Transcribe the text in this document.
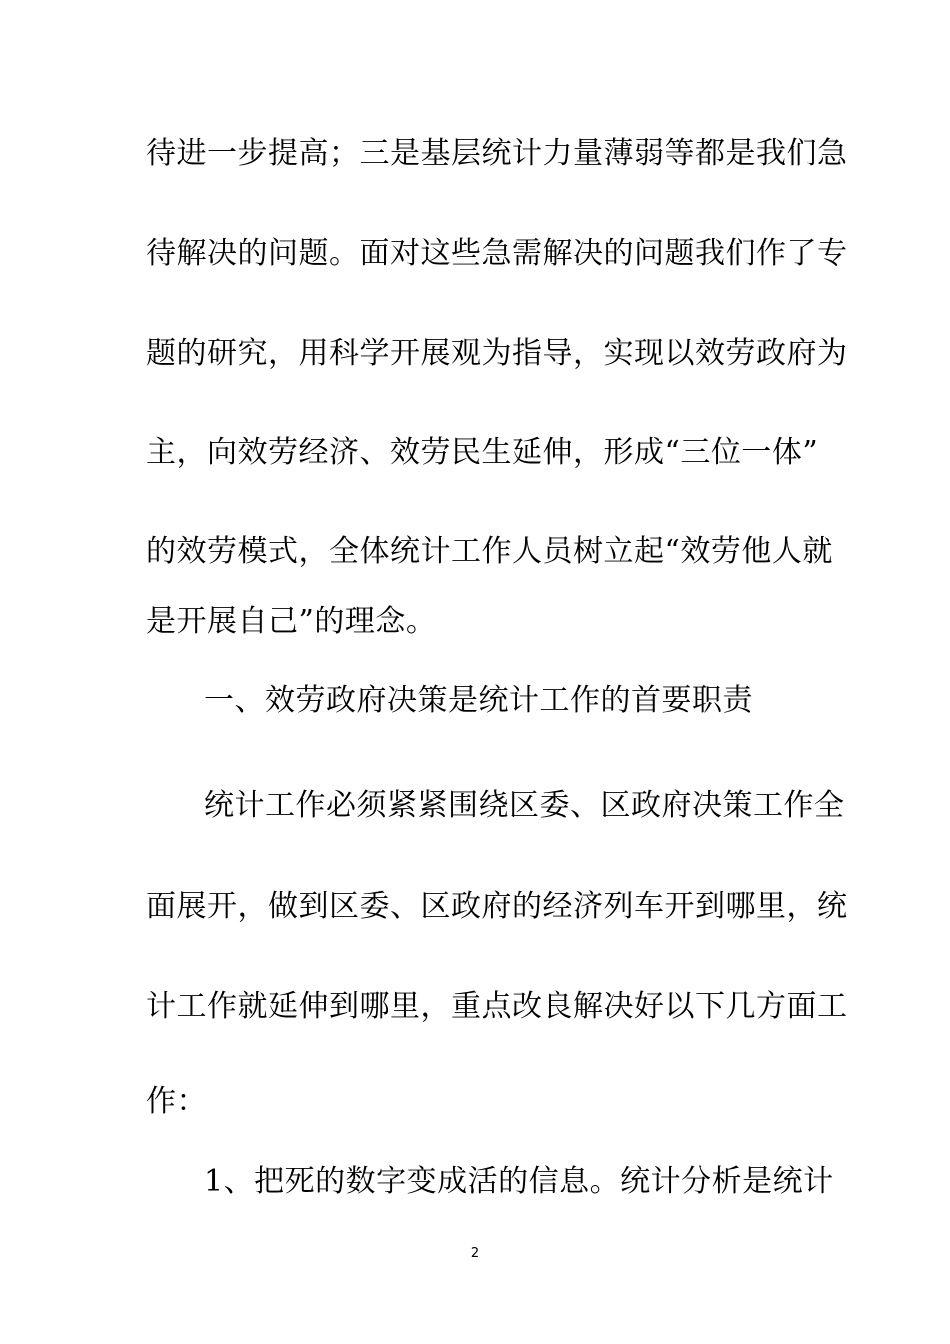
待进一步提高；三是基层统计力量薄弱等都是我们急
待解决的问题。面对这些急需解决的问题我们作了专
题的研究，用科学开展观为指导，实现以效劳政府为
主，向效劳经济、效劳民生延伸，形成“三位一体”
的效劳模式，全体统计工作人员树立起“效劳他人就
是开展自己”的理念。
一、效劳政府决策是统计工作的首要职责
统计工作必须紧紧围绕区委、区政府决策工作全
面展开，做到区委、区政府的经济列车开到哪里，统
计工作就延伸到哪里，重点改良解决好以下几方面工
作：
1、把死的数字变成活的信息。统计分析是统计
2
